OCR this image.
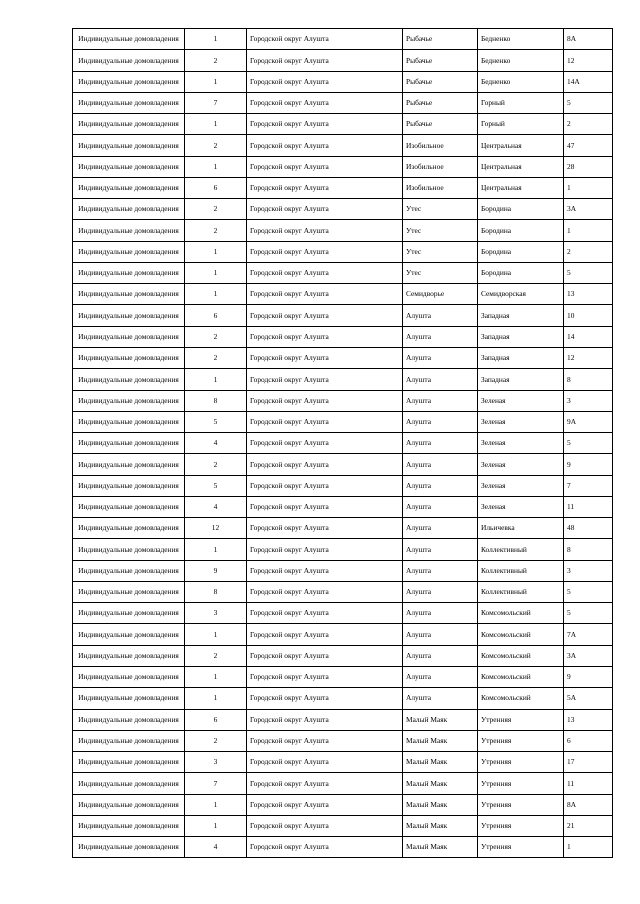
Индивидуальные домовладения	1	Городской округ Алушта	Рыбачье	Бедненко	8А
Индивидуальные домовладения	2	Городской округ Алушта	Рыбачье	Бедненко	12
Индивидуальные домовладения	1	Городской округ Алушта	Рыбачье	Бедненко	14А
Индивидуальные домовладения	7	Городской округ Алушта	Рыбачье	Горный	5
Индивидуальные домовладения	1	Городской округ Алушта	Рыбачье	Горный	2
Индивидуальные домовладения	2	Городской округ Алушта	Изобильное	Центральная	47
Индивидуальные домовладения	1	Городской округ Алушта	Изобильное	Центральная	28
Индивидуальные домовладения	6	Городской округ Алушта	Изобильное	Центральная	1
Индивидуальные домовладения	2	Городской округ Алушта	Утес	Бородина	3А
Индивидуальные домовладения	2	Городской округ Алушта	Утес	Бородина	1
Индивидуальные домовладения	1	Городской округ Алушта	Утес	Бородина	2
Индивидуальные домовладения	1	Городской округ Алушта	Утес	Бородина	5
Индивидуальные домовладения	1	Городской округ Алушта	Семидворье	Семидворская	13
Индивидуальные домовладения	6	Городской округ Алушта	Алушта	Западная	10
Индивидуальные домовладения	2	Городской округ Алушта	Алушта	Западная	14
Индивидуальные домовладения	2	Городской округ Алушта	Алушта	Западная	12
Индивидуальные домовладения	1	Городской округ Алушта	Алушта	Западная	8
Индивидуальные домовладения	8	Городской округ Алушта	Алушта	Зеленая	3
Индивидуальные домовладения	5	Городской округ Алушта	Алушта	Зеленая	9А
Индивидуальные домовладения	4	Городской округ Алушта	Алушта	Зеленая	5
Индивидуальные домовладения	2	Городской округ Алушта	Алушта	Зеленая	9
Индивидуальные домовладения	5	Городской округ Алушта	Алушта	Зеленая	7
Индивидуальные домовладения	4	Городской округ Алушта	Алушта	Зеленая	11
Индивидуальные домовладения	12	Городской округ Алушта	Алушта	Ильичевка	48
Индивидуальные домовладения	1	Городской округ Алушта	Алушта	Коллективный	8
Индивидуальные домовладения	9	Городской округ Алушта	Алушта	Коллективный	3
Индивидуальные домовладения	8	Городской округ Алушта	Алушта	Коллективный	5
Индивидуальные домовладения	3	Городской округ Алушта	Алушта	Комсомольский	5
Индивидуальные домовладения	1	Городской округ Алушта	Алушта	Комсомольский	7А
Индивидуальные домовладения	2	Городской округ Алушта	Алушта	Комсомольский	3А
Индивидуальные домовладения	1	Городской округ Алушта	Алушта	Комсомольский	9
Индивидуальные домовладения	1	Городской округ Алушта	Алушта	Комсомольский	5А
Индивидуальные домовладения	6	Городской округ Алушта	Малый Маяк	Утренняя	13
Индивидуальные домовладения	2	Городской округ Алушта	Малый Маяк	Утренняя	6
Индивидуальные домовладения	3	Городской округ Алушта	Малый Маяк	Утренняя	17
Индивидуальные домовладения	7	Городской округ Алушта	Малый Маяк	Утренняя	11
Индивидуальные домовладения	1	Городской округ Алушта	Малый Маяк	Утренняя	8А
Индивидуальные домовладения	1	Городской округ Алушта	Малый Маяк	Утренняя	21
Индивидуальные домовладения	4	Городской округ Алушта	Малый Маяк	Утренняя	1
